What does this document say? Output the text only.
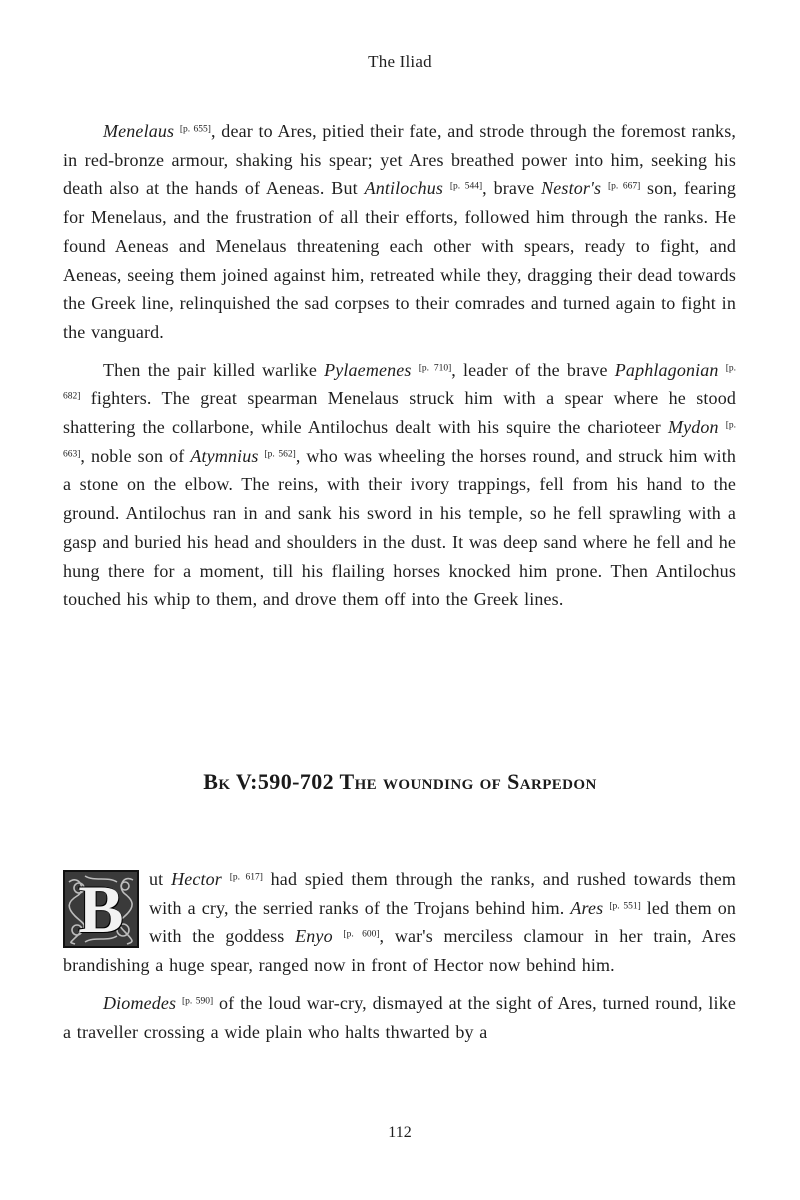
The Iliad

Menelaus [p. 655], dear to Ares, pitied their fate, and strode through the foremost ranks, in red-bronze armour, shaking his spear; yet Ares breathed power into him, seeking his death also at the hands of Aeneas. But Antilochus [p. 544], brave Nestor's [p. 667] son, fearing for Menelaus, and the frustration of all their efforts, followed him through the ranks. He found Aeneas and Menelaus threatening each other with spears, ready to fight, and Aeneas, seeing them joined against him, retreated while they, dragging their dead towards the Greek line, relinquished the sad corpses to their comrades and turned again to fight in the vanguard.

Then the pair killed warlike Pylaemenes [p. 710], leader of the brave Paphlagonian [p. 682] fighters. The great spearman Menelaus struck him with a spear where he stood shattering the collarbone, while Antilochus dealt with his squire the charioteer Mydon [p. 663], noble son of Atymnius [p. 562], who was wheeling the horses round, and struck him with a stone on the elbow. The reins, with their ivory trappings, fell from his hand to the ground. Antilochus ran in and sank his sword in his temple, so he fell sprawling with a gasp and buried his head and shoulders in the dust. It was deep sand where he fell and he hung there for a moment, till his flailing horses knocked him prone. Then Antilochus touched his whip to them, and drove them off into the Greek lines.

Bk V:590-702 The wounding of Sarpedon

B	ut Hector [p. 617] had spied them through the ranks, and rushed towards them with a cry, the serried ranks of the Trojans behind him. Ares [p. 551] led them on with the goddess Enyo [p. 600], war's merciless clamour in her train, Ares brandishing a huge spear, ranged now in front of Hector now behind him.

Diomedes [p. 590] of the loud war-cry, dismayed at the sight of Ares, turned round, like a traveller crossing a wide plain who halts thwarted by a

112
